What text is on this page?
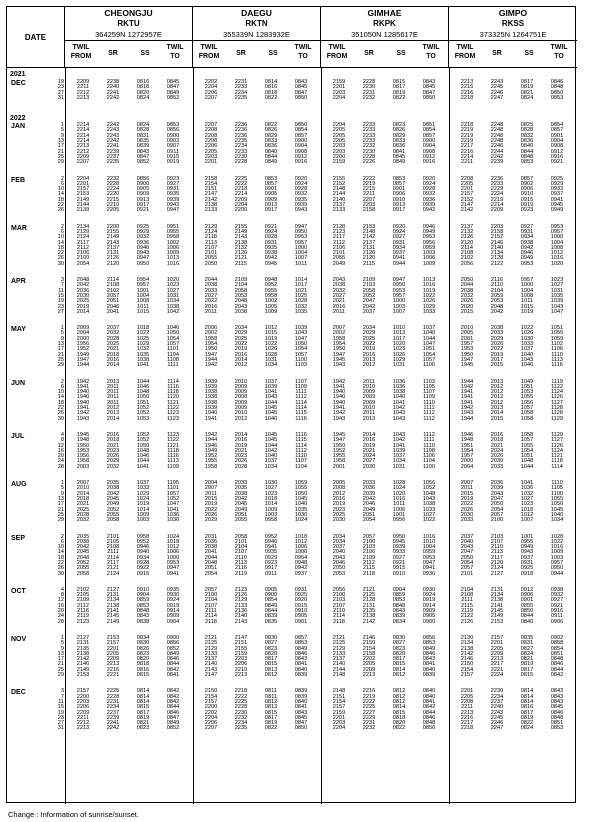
DATE
CHEONGJU
RKTU
364259N 1272957E
TWIL
FROM	SR	SS
TWIL
TO
DAEGU
RKTN
355339N 1283932E
TWIL
FROM	SR	SS
TWIL
TO
GIMHAE
RKPK
351050N 1285617E
TWIL
FROM	SR	SS
TWIL
TO
GIMPO
RKSS
373325N 1264751E
TWIL
FROM	SR	SS
TWIL
TO
2021
DEC	19 2209	2238	0816	0845	2202	2231	0814	0843	2159	2228	0815	0843	2213	2243	0817	0846
23 2211	2240	0818	0847	2204	2233	0816	0845	2201	2230	0817	0845	2215	2245	0819	0848
27 2212	2241	0820	0849	2206	2234	0818	0847	2203	2231	0819	0847	2216	2246	0821	0850
31 2213	2242	0824	0852	2207	2235	0822	0850	2204	2232	0822	0850	2218	2247	0824	0853
2022
JAN	1 2214	2242	0824	0853	2207	2236	0822	0850	2204	2233	0823	0851	2218	2248	0825	0854
5 2214	2243	0828	0856	2208	2236	0826	0854	2205	2233	0826	0854	2219	2248	0828	0857
9 2214	2243	0831	0900	2208	2236	0829	0857	2205	2233	0829	0857	2219	2248	0832	0901
13 2214	2242	0835	0903	2208	2235	0833	0900	2205	2233	0833	0900	2219	2248	0836	0904
17 2213	2241	0839	0907	2206	2234	0836	0904	2203	2232	0836	0904	2217	2246	0840	0908
21 2212	2239	0843	0911	2205	2233	0840	0908	2203	2230	0841	0908	2216	2244	0844	0912
25 2209	2237	0847	0915	2203	2230	0844	0912	2200	2228	0845	0912	2214	2242	0848	0916
29 2207	2235	0852	0919	2201	2228	0849	0916	2159	2226	0849	0916	2211	2239	0853	0921
FEB	2 2204	2232	0856	0923	2158	2225	0853	0920	2155	2222	0853	0920	2208	2236	0857	0925
6 2201	2228	0900	0927	2154	2222	0857	0924	2152	2219	0857	0924	2205	2233	0902	0929
10 2157	2224	0905	0931	2151	2218	0901	0928	2148	2215	0901	0928	2201	2229	0906	0933
14 2153	2220	0909	0935	2147	2214	0905	0932	2144	2211	0906	0932	2157	2224	0910	0937
18 2149	2215	0913	0939	2142	2209	0909	0935	2140	2207	0910	0936	2152	2219	0915	0941
22 2144	2210	0917	0943	2138	2204	0913	0939	2137	2203	0913	0939	2147	2214	0919	0945
26 2139	2205	0921	0947	2133	2200	0917	0943	2133	2158	0917	0942	2142	2209	0923	0949
MAR	2 2134	2200	0925	0951	2129	2155	0921	0947	2128	2153	0920	0946	2137	2203	0927	0953
6 2129	2155	0929	0955	2124	2149	0924	0950	2123	2148	0924	0949	2132	2158	0931	0957
10 2124	2149	0932	0958	2118	2143	0928	0953	2117	2142	0927	0953	2126	2152	0934	1000
14 2117	2143	0936	1002	2113	2138	0931	0957	2112	2137	0931	0956	2120	2146	0938	1004
18 2112	2137	0940	1006	2107	2132	0935	1000	2106	2131	0934	0959	2114	2140	0942	1008
22 2106	2131	0943	1009	2101	2126	0938	1004	2101	2126	0937	1003	2108	2134	0946	1012
26 2100	2126	0947	1013	2055	2121	0942	1007	2055	2120	0941	1006	2102	2128	0949	1016
30 2054	2120	0950	1016	2050	2115	0945	1011	2049	2115	0944	1009	2056	2122	0953	1020
APR	3 2048	2114	0954	1020	2044	2109	0948	1014	2043	2109	0947	1013	2050	2116	0957	1023
7 2042	2108	0957	1023	2038	2104	0952	1017	2038	2103	0950	1016	2044	2110	1000	1027
11 2036	2102	1001	1027	2033	2058	0955	1021	2032	2058	0953	1019	2038	2104	1004	1031
15 2030	2057	1004	1031	2027	2053	0958	1025	2027	2052	0957	1022	2032	2059	1008	1035
19 2025	2051	1008	1034	2022	2048	1002	1028	2021	2047	1000	1026	2026	2053	1011	1039
23 2019	2046	1011	1038	2016	2043	1005	1032	2016	2042	1003	1029	2020	2048	1015	1043
27 2014	2041	1015	1042	2011	2038	1009	1035	2011	2037	1007	1033	2015	2042	1019	1047
MAY	1 2009	2037	1018	1046	2006	2034	1012	1039	2007	2034	1010	1037	2010	2038	1022	1051
5 2004	2032	1022	1050	2002	2029	1015	1043	2002	2029	1013	1040	2005	2033	1026	1055
9 2000	2028	1025	1054	1958	2025	1019	1047	1958	2025	1017	1044	2001	2029	1030	1059
13 1956	2025	1029	1057	1954	2022	1022	1050	1954	2022	1020	1047	1957	2026	1033	1102
17 1952	2021	1032	1101	1950	2019	1026	1054	1950	2019	1023	1051	1953	2022	1037	1106
21 1949	2018	1035	1104	1947	2016	1028	1057	1947	2016	1026	1054	1950	2019	1040	1110
25 1947	2016	1038	1108	1944	2014	1031	1100	1945	2013	1029	1057	1947	2017	1043	1113
29 1944	2014	1041	1111	1942	2012	1034	1103	1943	2012	1031	1100	1945	2015	1046	1116
JUN	2 1942	2013	1044	1114	1939	2010	1037	1107	1942	2011	1036	1103	1944	2013	1049	1119
6 1941	2011	1046	1116	1939	2009	1039	1109	1941	2010	1036	1105	1942	2012	1051	1122
10 1940	2011	1048	1118	1938	2009	1041	1111	1940	2009	1038	1107	1941	2012	1053	1124
14 1940	2011	1050	1120	1938	2008	1043	1112	1940	2009	1040	1109	1941	2012	1055	1126
18 1940	2011	1051	1121	1938	2009	1044	1114	1940	2009	1041	1110	1941	2012	1056	1127
22 1941	2012	1052	1122	1939	2009	1045	1114	1941	2010	1042	1111	1942	2013	1057	1128
26 1942	2013	1052	1123	1940	2010	1045	1115	1942	2011	1043	1112	1943	2014	1058	1128
30 1943	2014	1053	1123	1941	2012	1046	1116	1943	2013	1043	1112	1944	2015	1058	1129
JUL	4 1945	2016	1052	1123	1942	2014	1045	1116	1945	2014	1043	1112	1946	2016	1058	1129
8 1948	2018	1052	1122	1944	2016	1045	1115	1947	2016	1042	1111	1948	2018	1057	1127
12 1950	2021	1050	1121	1946	2019	1044	1114	1950	2019	1041	1110	1951	2021	1055	1126
16 1953	2023	1048	1118	1949	2021	1042	1112	1952	2021	1039	1108	1954	2024	1054	1124
20 1956	2026	1046	1116	1952	2023	1040	1110	1955	2024	1037	1106	1957	2026	1051	1121
24 1958	2029	1044	1113	1955	2026	1037	1107	1958	2027	1034	1104	2000	2030	1048	1118
28 2003	2032	1041	1109	1958	2028	1034	1104	2001	2030	1031	1100	2004	2033	1044	1114
AUG	1 2007	2035	1037	1105	2004	2033	1030	1059	2005	2033	1028	1056	2007	2036	1041	1110
5 2010	2038	1033	1101	2007	2035	1027	1055	2008	2036	1024	1052	2011	2039	1036	1105
9 2014	2042	1029	1057	2011	2038	1023	1050	2012	2039	1020	1048	2015	2043	1032	1100
13 2018	2045	1024	1052	2015	2042	1018	1045	2016	2042	1016	1043	2019	2047	1027	1055
17 2021	2049	1019	1047	2019	2045	1014	1040	2019	2046	1011	1038	2022	2050	1023	1050
21 2025	2052	1014	1041	2022	2049	1009	1035	2023	2049	1006	1033	2026	2054	1018	1045
25 2028	2055	1009	1036	2026	2051	1003	1030	2025	2051	1001	1027	2030	2057	1012	1040
29 2032	2058	1003	1030	2029	2055	0958	1024	2030	2054	0956	1022	2033	2100	1007	1034
SEP	2 2035	2101	0958	1024	2031	2058	0952	1018	2034	2057	0950	1016	2037	2103	1001	1028
6 2038	2105	0952	1018	2035	2101	0946	1012	2034	2100	0945	1010	2040	2107	0955	1022
10 2042	2108	0946	1012	2038	2104	0941	1006	2037	2103	0939	1004	2043	2110	0949	1016
14 2045	2111	0940	1006	2041	2107	0935	1000	2040	2106	0933	0959	2047	2113	0943	1009
18 2048	2114	0934	1000	2044	2110	0929	0954	2043	2109	0927	0953	2050	2117	0937	1003
22 2052	2117	0928	0953	2048	2113	0923	0948	2046	2112	0921	0947	2054	2120	0931	0957
26 2055	2121	0922	0947	2051	2116	0917	0942	2050	2115	0915	0941	2057	2124	0925	0950
30 2058	2124	0916	0941	2054	2119	0911	0937	2053	2118	0910	0936	2101	2127	0918	0944
OCT	4 2102	2127	0910	0935	2057	2123	0905	0931	2056	2121	0904	0930	2104	2131	0912	0938
8 2105	2131	0904	0930	2100	2126	0900	0925	2100	2125	0859	0924	2108	2134	0906	0932
12 2109	2134	0859	0924	2104	2129	0854	0920	2103	2128	0853	0919	2111	2138	0901	0927
16 2112	2138	0853	0919	2107	2133	0849	0915	2107	2131	0848	0914	2115	2141	0855	0921
20 2116	2141	0848	0914	2111	2136	0844	0910	2110	2135	0843	0909	2119	2145	0850	0916
24 2119	2145	0843	0909	2114	2140	0839	0905	2114	2138	0839	0905	2122	2149	0844	0911
28 2123	2149	0838	0904	2118	2143	0835	0901	2118	2142	0834	0900	2126	2153	0840	0906
NOV	1 2127	2153	0834	0900	2121	2147	0830	0857	2121	2146	0830	0856	2130	2157	0835	0902
5 2131	2157	0830	0856	2125	2151	0827	0853	2125	2150	0827	0853	2134	2201	0831	0858
9 2135	2201	0826	0852	2129	2155	0823	0849	2129	2154	0823	0849	2138	2205	0827	0854
13 2138	2205	0823	0849	2133	2159	0820	0846	2133	2158	0820	0846	2142	2209	0824	0851
17 2142	2209	0820	0846	2137	2203	0817	0843	2137	2202	0817	0843	2146	2213	0821	0848
21 2146	2213	0818	0844	2140	2206	0815	0841	2140	2205	0815	0841	2150	2217	0819	0846
25 2149	2216	0816	0842	2143	2210	0813	0840	2144	2209	0814	0840	2154	2221	0817	0844
29 2153	2221	0815	0841	2147	2213	0812	0839	2148	2213	0812	0839	2157	2224	0815	0842
DEC	3 2157	2225	0814	0842	2150	2218	0811	0839	2148	2216	0812	0840	2201	2230	0814	0843
7 2200	2228	0814	0842	2154	2222	0811	0839	2151	2219	0812	0840	2205	2234	0814	0843
11 2203	2231	0814	0842	2157	2225	0812	0840	2154	2222	0812	0841	2208	2237	0814	0843
15 2206	2234	0815	0844	2200	2228	0813	0841	2157	2225	0814	0842	2211	2240	0816	0845
19 2209	2237	0817	0846	2202	2230	0815	0843	2159	2227	0815	0844	2213	2243	0817	0846
23 2211	2239	0819	0847	2204	2232	0817	0845	2201	2229	0818	0846	2216	2245	0819	0848
27 2212	2241	0821	0849	2206	2234	0819	0847	2203	2231	0820	0848	2217	2246	0822	0851
31 2213	2242	0823	0852	2207	2235	0822	0850	2204	2232	0822	0850	2218	2247	0824	0853
Change : Information of sunrise/sunset.
